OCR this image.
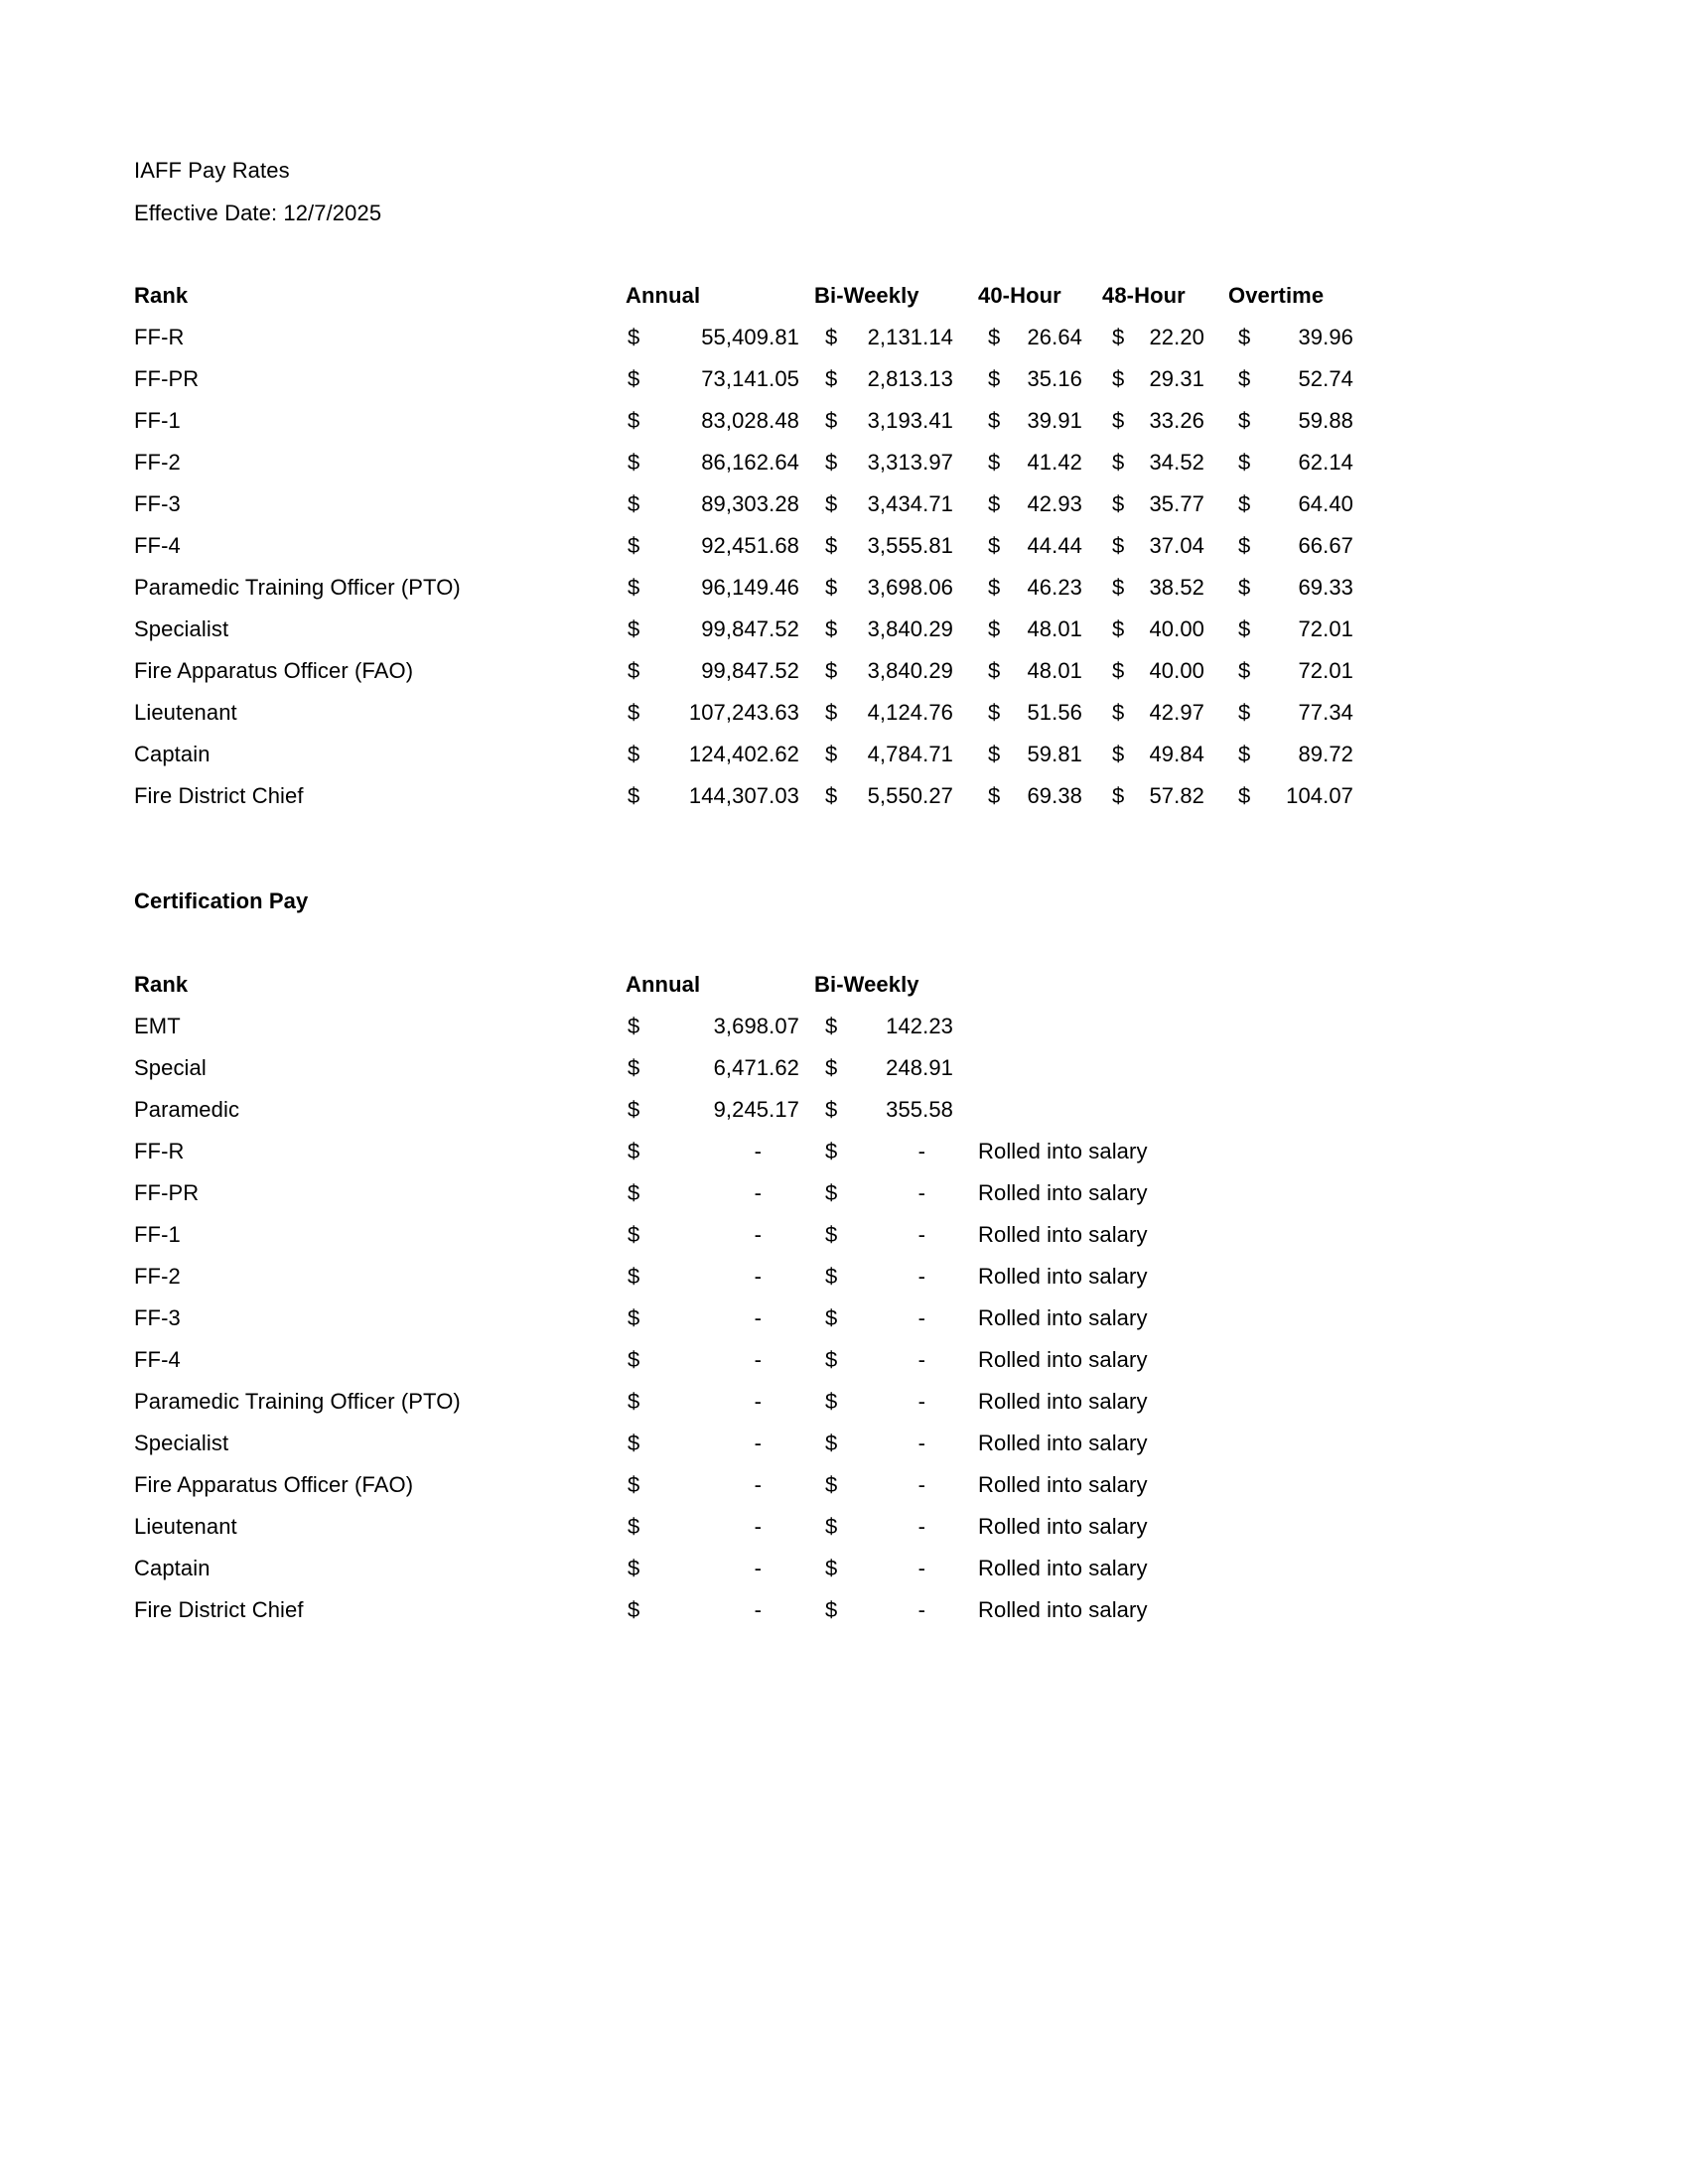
IAFF Pay Rates
Effective Date: 12/7/2025
Rank	Annual	Bi-Weekly	40-Hour	48-Hour	Overtime
FF-R	$	55,409.81 $ 2,131.14 $ 26.64 $ 22.20 $ 39.96
FF-PR	$	73,141.05 $ 2,813.13 $ 35.16 $ 29.31 $ 52.74
FF-1	$	83,028.48 $ 3,193.41 $ 39.91 $ 33.26 $ 59.88
FF-2	$	86,162.64 $ 3,313.97 $ 41.42 $ 34.52 $ 62.14
FF-3	$	89,303.28 $ 3,434.71 $ 42.93 $ 35.77 $ 64.40
FF-4	$	92,451.68 $ 3,555.81 $ 44.44 $ 37.04 $ 66.67
Paramedic Training Officer (PTO)	$	96,149.46 $ 3,698.06 $ 46.23 $ 38.52 $ 69.33
Specialist	$	99,847.52 $ 3,840.29 $ 48.01 $ 40.00 $ 72.01
Fire Apparatus Officer (FAO)	$	99,847.52 $ 3,840.29 $ 48.01 $ 40.00 $ 72.01
Lieutenant	$ 107,243.63 $ 4,124.76 $ 51.56 $ 42.97 $ 77.34
Captain	$ 124,402.62 $ 4,784.71 $ 59.81 $ 49.84 $ 89.72
Fire District Chief	$ 144,307.03 $ 5,550.27 $ 69.38 $ 57.82 $ 104.07
Certification Pay
Rank	Annual	Bi-Weekly
EMT	$	3,698.07 $ 142.23
Special	$	6,471.62 $ 248.91
Paramedic	$	9,245.17 $ 355.58
FF-R	$	-	$	-	Rolled into salary
FF-PR	$	-	$	-	Rolled into salary
FF-1	$	-	$	-	Rolled into salary
FF-2	$	-	$	-	Rolled into salary
FF-3	$	-	$	-	Rolled into salary
FF-4	$	-	$	-	Rolled into salary
Paramedic Training Officer (PTO)	$	-	$	-	Rolled into salary
Specialist	$	-	$	-	Rolled into salary
Fire Apparatus Officer (FAO)	$	-	$	-	Rolled into salary
Lieutenant	$	-	$	-	Rolled into salary
Captain	$	-	$	-	Rolled into salary
Fire District Chief	$	-	$	-	Rolled into salary
